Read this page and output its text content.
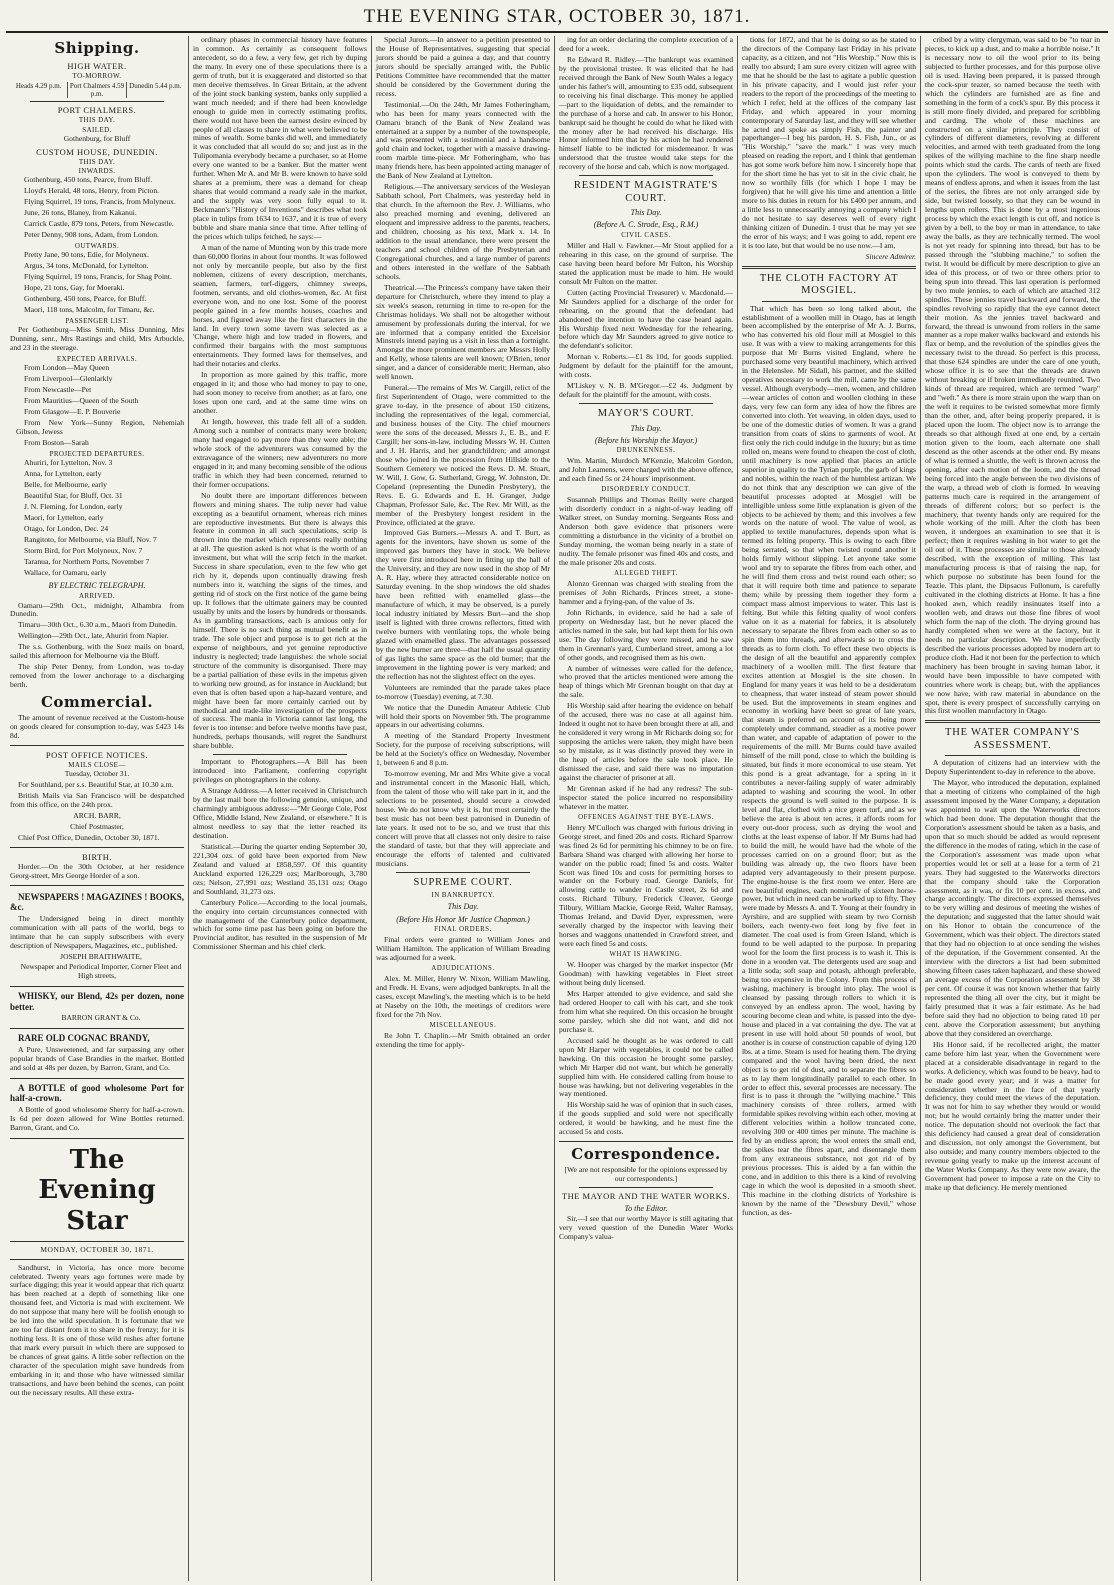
THE EVENING STAR, OCTOBER 30, 1871.
Shipping.
HIGH WATER.
TO-MORROW.
Heads 4.29 p.m.	Port Chalmers 4.59 p.m.
Dunedin 5.44 p.m.
PORT CHALMERS.
THIS DAY.
SAILED.

Gothenburg, for Bluff

CUSTOM HOUSE, DUNEDIN.
THIS DAY.
INWARDS.

Gothenburg, 450 tons, Pearce, from Bluff.

Lloyd's Herald, 48 tons, Henry, from Picton.

Flying Squirrel, 19 tons, Francis, from Molyneux.

June, 26 tons, Blaney, from Kakanui.

Carrick Castle, 879 tons, Peters, from Newcastle.

Peter Denny, 908 tons, Adam, from London.

OUTWARDS.

Pretty Jane, 90 tons, Edie, for Molyneux.

Argus, 34 tons, McDonald, for Lyttelton.

Flying Squirrel, 19 tons, Francis, for Shag Point.

Hope, 21 tons, Gay, for Moeraki.

Gothenburg, 450 tons, Pearce, for Bluff.

Maori, 118 tons, Malcolm, for Timaru, &c.

PASSENGER LIST.

Per Gothenburg—Miss Smith, Miss Dunning, Mrs Dunning, senr., Mrs Rastings and child, Mrs Arbuckle, and 23 in the steerage.

EXPECTED ARRIVALS.

From London—May Queen

From Liverpool—Glenlarkly

From Newcastle—Pet

From Mauritius—Queen of the South

From Glasgow—E. P. Bouverie

From New York—Sunny Region, Nehemiah Gibson, Jewess

From Boston—Sarah

PROJECTED DEPARTURES.

Ahuriri, for Lyttelton, Nov. 3

Anna, for Lyttelton, early

Belle, for Melbourne, early

Beautiful Star, for Bluff, Oct. 31

J. N. Fleming, for London, early

Maori, for Lyttelton, early

Otago, for London, Dec. 24

Rangitoto, for Melbourne, via Bluff, Nov. 7

Storm Bird, for Port Molyneux, Nov. 7

Taranua, for Northern Ports, November 7

Wallace, for Oamaru, early

BY ELECTRIC TELEGRAPH.
ARRIVED.

Oamaru—29th Oct., midnight, Alhambra from Dunedin.

Timaru—30th Oct., 6.30 a.m., Maori from Dunedin.

Wellington—29th Oct., late, Ahuriri from Napier.

The s.s. Gothenburg, with the Suez mails on board, sailed this afternoon for Melbourne via the Bluff.

The ship Peter Denny, from London, was to-day removed from the lower anchorage to a discharging berth.

Commercial.

The amount of revenue received at the Custom-house on goods cleared for consumption to-day, was £423 14s 8d.

POST OFFICE NOTICES.
MAILS CLOSE—

Tuesday, October 31.

For Southland, per s.s. Beautiful Star, at 10.30 a.m.

British Mails via San Francisco will be despatched from this office, on the 24th prox.

ARCH. BARR,

Chief Postmaster,

Chief Post Office, Dunedin, October 30, 1871.

BIRTH.

Horder.—On the 30th October, at her residence Georg-street, Mrs George Horder of a son.

NEWSPAPERS ! MAGAZINES ! BOOKS, &c.

The Undersigned being in direct monthly communication with all parts of the world, begs to intimate that he can supply subscribers with every description of Newspapers, Magazines, etc., published.

JOSEPH BRAITHWAITE,

Newspaper and Periodical Importer, Corner Fleet and High streets,

WHISKY, our Blend, 42s per dozen, none better.

BARRON GRANT & Co.

RARE OLD COGNAC BRANDY,

A Pure, Unsweetened, and far surpassing any other popular brands of Case Brandies in the market. Bottled and sold at 48s per dozen, by Barron, Grant, and Co.

A BOTTLE of good wholesome Port for half-a-crown.

A Bottle of good wholesome Sherry for half-a-crown. Is 6d per dozen allowed for Wine Bottles returned. Barron, Grant, and Co.

The Evening Star
MONDAY, OCTOBER 30, 1871.

Sandhurst, in Victoria, has once more become celebrated. Twenty years ago fortunes were made by surface digging; this year it would appear that rich quartz has been reached at a depth of something like one thousand feet, and Victoria is mad with excitement. We do not suppose that many here will be foolish enough to be led into the wild speculation. It is fortunate that we are too far distant from it to share in the frenzy; for it is nothing less. It is one of those wild rushes after fortune that mark every pursuit in which there are supposed to be chances of great gains. A little sober reflection on the character of the speculation might save hundreds from embarking in it; and those who have witnessed similar transactions, and have been behind the scenes, can point out the necessary results. All these extra-

ordinary phases in commercial history have features in common. As certainly as consequent follows antecedent, so do a few, a very few, get rich by duping the many. In every one of these speculations there is a germ of truth, but it is exaggerated and distorted so that men deceive themselves. In Great Britain, at the advent of the joint stock banking system, banks only supplied a want much needed; and if there had been knowledge enough to guide men in correctly estimating profits, there would not have been the earnest desire evinced by people of all classes to share in what were believed to be mines of wealth. Some banks did well, and immediately it was concluded that all would do so; and just as in the Tulipomania everybody became a purchaser, so at Home every one wanted to be a banker. But the matter went further. When Mr A. and Mr B. were known to have sold shares at a premium, there was a demand for cheap shares that would command a ready sale in the market, and the supply was very soon fully equal to it. Beckmann's "History of Inventions" describes what took place in tulips from 1634 to 1637, and it is true of every bubble and share mania since that time. After telling of the prices which tulips fetched, he says:—

A man of the name of Munting won by this trade more than 60,000 florins in about four months. It was followed not only by mercantile people, but also by the first noblemen, citizens of every description, merchants, seamen, farmers, turf-diggers, chimney sweeps, footmen, servants, and old clothes-women, &c. At first everyone won, and no one lost. Some of the poorest people gained in a few months houses, coaches and horses, and figured away like the first characters in the land. In every town some tavern was selected as a 'Change, where high and low traded in flowers, and confirmed their bargains with the most sumptuous entertainments. They formed laws for themselves, and had their notaries and clerks.

In proportion as more gained by this traffic, more engaged in it; and those who had money to pay to one, had soon money to receive from another; as at faro, one loses upon one card, and at the same time wins on another.

At length, however, this trade fell all of a sudden. Among such a number of contracts many were broken; many had engaged to pay more than they were able; the whole stock of the adventurers was consumed by the extravagance of the winners; new adventurers no more engaged in it; and many becoming sensible of the odious traffic in which they had been concerned, returned to their former occupations.

No doubt there are important differences between flowers and mining shares. The tulip never had value excepting as a beautiful ornament, whereas rich mines are reproductive investments. But there is always this feature in common in all such speculations, scrip is thrown into the market which represents really nothing at all. The question asked is not what is the worth of an investment, but what will the scrip fetch in the market. Success in share speculation, even to the few who get rich by it, depends upon continually drawing fresh numbers into it, watching the signs of the times, and getting rid of stock on the first notice of the game being up. It follows that the ultimate gainers may be counted usually by units and the losers by hundreds or thousands. As in gambling transactions, each is anxious only for himself. There is no such thing as mutual benefit as in trade. The sole object and purpose is to get rich at the expense of neighbours, and yet genuine reproductive industry is neglected; trade languishes: the whole social structure of the community is disorganised. There may be a partial palliation of these evils in the impetus given to working new ground, as for instance in Auckland; but even that is often based upon a hap-hazard venture, and might have been far more certainly carried out by methodical and trade-like investigation of the prospects of success. The mania in Victoria cannot last long, the fever is too intense: and before twelve months have past, hundreds, perhaps thousands, will regret the Sandhurst share bubble.

Important to Photographers.—A Bill has been introduced into Parliament, conferring copyright privileges on photographers in the colony.

A Strange Address.—A letter received in Christchurch by the last mail bore the following genuine, unique, and charmingly ambiguous address:—"Mr George Cole, Post Office, Middle Island, New Zealand, or elsewhere." It is almost needless to say that the letter reached its destination.

Statistical.—During the quarter ending September 30, 221,304 ozs. of gold have been exported from New Zealand and valued at £858,597. Of this quantity Auckland exported 126,229 ozs; Marlborough, 3,780 ozs; Nelson, 27,991 ozs; Westland 35,131 ozs; Otago and Southland, 31,273 ozs.

Canterbury Police.—According to the local journals, the enquiry into certain circumstances connected with the management of the Canterbury police department, which for some time past has been going on before the Provincial auditor, has resulted in the suspension of Mr Commissioner Sherman and his chief clerk.

Special Jurors.—In answer to a petition presented to the House of Representatives, suggesting that special jurors should be paid a guinea a day, and that country jurors should be specially arranged with, the Public Petitions Committee have recommended that the matter should be considered by the Government during the recess.

Testimonial.—On the 24th, Mr James Fotheringham, who has been for many years connected with the Oamaru branch of the Bank of New Zealand was entertained at a supper by a number of the townspeople, and was presented with a testimonial and a handsome gold chain and locket, together with a massive drawing-room marble time-piece. Mr Fotheringham, who has many friends here, has been appointed acting manager of the Bank of New Zealand at Lyttelton.

Religious.—The anniversary services of the Wesleyan Sabbath school, Port Chalmers, was yesterday held in that church. In the afternoon the Rev. J. Williams, who also preached morning and evening, delivered an eloquent and impressive address to the parents, teachers, and children, choosing as his text, Mark x. 14. In addition to the usual attendance, there were present the teachers and school children of the Presbyterian and Congregational churches, and a large number of parents and others interested in the welfare of the Sabbath schools.

Theatrical.—The Princess's company have taken their departure for Christchurch, where they intend to play a six week's season, returning in time to re-open for the Christmas holidays. We shall not be altogether without amusement by professionals during the interval, for we are informed that a company entitled the Excelsior Minstrels intend paying us a visit in less than a fortnight. Amongst the more prominent members are Messrs Holly and Kelly, whose talents are well known; O'Brien, tenor singer, and a dancer of considerable merit; Herman, also well known.

Funeral.—The remains of Mrs W. Cargill, relict of the first Superintendent of Otago, were committed to the grave to-day, in the presence of about 150 citizens, including the representatives of the legal, commercial, and business houses of the City. The chief mourners were the sons of the deceased, Messrs J., E. B., and F. Cargill; her sons-in-law, including Messrs W. H. Cutten and J. H. Harris, and her grandchildren; and amongst those who joined in the procession from Hillside to the Southern Cemetery we noticed the Revs. D. M. Stuart, W. Will, J. Gow, G. Sutherland, Gregg, W. Johnston, Dr. Copeland (representing the Dunedin Presbytery), the Revs. E. G. Edwards and E. H. Granger, Judge Chapman, Professor Sale, &c. The Rev. Mr Will, as the member of the Presbytery longest resident in the Province, officiated at the grave.

Improved Gas Burners.—Messrs A. and T. Burt, as agents for the inventors, have shown us some of the improved gas burners they have in stock. We believe they were first introduced here in fitting up the hall of the University, and they are now used in the shop of Mr A. R. Hay, where they attracted considerable notice on Saturday evening. In the shop windows the old shades have been refitted with enamelled glass—the manufacture of which, it may be observed, is a purely local industry initiated by Messrs Burt—and the shop itself is lighted with three crowns reflectors, fitted with twelve burners with ventilating tops, the whole being glazed with enamelled glass. The advantages possessed by the new burner are three—that half the usual quantity of gas lights the same space as the old burner; that the improvement in the lighting power is very marked; and the reflection has not the slightest effect on the eyes.

Volunteers are reminded that the parade takes place to-morrow (Tuesday) evening, at 7.30.

We notice that the Dunedin Amateur Athletic Club will hold their sports on November 9th. The programme appears in our advertising columns.

A meeting of the Standard Property Investment Society, for the purpose of receiving subscriptions, will be held at the Society's office on Wednesday, November 1, between 6 and 8 p.m.

To-morrow evening, Mr and Mrs White give a vocal and instrumental concert in the Masonic Hall, which, from the talent of those who will take part in it, and the selections to be presented, should secure a crowded house. We do not know why it is, but most certainly the best music has not been best patronised in Dunedin of late years. It used not to be so, and we trust that this concert will prove that all classes not only desire to raise the standard of taste, but that they will appreciate and encourage the efforts of talented and cultivated musicians.

SUPREME COURT.
IN BANKRUPTCY.
This Day.
(Before His Honor Mr Justice Chapman.)
FINAL ORDERS.

Final orders were granted to William Jones and William Hamilton. The application of William Breading was adjourned for a week.

ADJUDICATIONS.

Alex. M. Miller, Henry W. Nixon, William Mawling, and Fredk. H. Evans, were adjudged bankrupts. In all the cases, except Mawling's, the meeting which is to be held at Naseby on the 10th, the meetings of creditors were fixed for the 7th Nov.

MISCELLANEOUS.

Re John T. Chaplin.—Mr Smith obtained an order extending the time for apply-

ing for an order declaring the complete execution of a deed for a week.

Re Edward R. Ridley.—The bankrupt was examined by the provisional trustee. It was elicited that he had received through the Bank of New South Wales a legacy under his father's will, amounting to £35 odd, subsequent to receiving his final discharge. This money he applied—part to the liquidation of debts, and the remainder to the purchase of a horse and cab. In answer to his Honor, bankrupt said he thought he could do what he liked with the money after he had received his discharge. His Honor informed him that by his action he had rendered himself liable to be indicted for misdemeanor. It was understood that the trustee would take steps for the recovery of the horse and cab, which is now mortgaged.

RESIDENT MAGISTRATE'S COURT.
This Day.
(Before A. C. Strode, Esq., R.M.)
CIVIL CASES.

Miller and Hall v. Fawkner.—Mr Stout applied for a rehearing in this case, on the ground of surprise. The case having been heard before Mr Fulton, his Worship stated the application must be made to him. He would consult Mr Fulton on the matter.

Cutten (acting Provincial Treasurer) v. Macdonald.—Mr Saunders applied for a discharge of the order for rehearing, on the ground that the defendant had abandoned the intention to have the case heard again. His Worship fixed next Wednesday for the rehearing, before which day Mr Saunders agreed to give notice to the defendant's solicitor.

Mornan v. Roberts.—£1 8s 10d, for goods supplied. Judgment by default for the plaintiff for the amount, with costs.

M'Liskey v. N. B. M'Gregor.—£2 4s. Judgment by default for the plaintiff for the amount, with costs.

MAYOR'S COURT.
This Day.
(Before his Worship the Mayor.)
DRUNKENNESS.

Wm. Martin, Murdoch M'Kenzie, Malcolm Gordon, and John Leamens, were charged with the above offence, and each fined 5s or 24 hours' imprisonment.

DISORDERLY CONDUCT.

Susannah Phillips and Thomas Reilly were charged with disorderly conduct in a night-of-way leading off Walker street, on Sunday morning. Sergeants Ross and Anderson both gave evidence that prisoners were committing a disturbance in the vicinity of a brothel on Sunday morning, the woman being nearly in a state of nudity. The female prisoner was fined 40s and costs, and the male prisoner 20s and costs.

ALLEGED THEFT.

Alonzo Grennan was charged with stealing from the premises of John Richards, Princes street, a stone-hammer and a frying-pan, of the value of 3s.

John Richards, in evidence, said he had a sale of property on Wednesday last, but he never placed the articles named in the sale, but had kept them for his own use. The day following they were missed, and he saw them in Grennan's yard, Cumberland street, among a lot of other goods, and recognised them as his own.

A number of witnesses were called for the defence, who proved that the articles mentioned were among the heap of things which Mr Grennan bought on that day at the sale.

His Worship said after hearing the evidence on behalf of the accused, there was no case at all against him. Indeed it ought not to have been brought there at all, and he considered it very wrong in Mr Richards doing so; for supposing the articles were taken, they might have been so by mistake, as it was distinctly proved they were in the heap of articles before the sale took place. He dismissed the case, and said there was no imputation against the character of prisoner at all.

Mr Grennan asked if he had any redress? The sub-inspector stated the police incurred no responsibility whatever in the matter.

OFFENCES AGAINST THE BYE-LAWS.

Henry M'Culloch was charged with furious driving in George street, and fined 20s and costs. Richard Sparrow was fined 2s 6d for permitting his chimney to be on fire. Barbara Shand was charged with allowing her horse to wander on the public road; fined 5s and costs. Walter Scott was fined 10s and costs for permitting horses to wander on the Forbury road. George Daniels, for allowing cattle to wander in Castle street, 2s 6d and costs. Richard Tilbury, Frederick Cleaver, George Tilbury, William Mackie, George Reid, Walter Ramsay, Thomas Ireland, and David Dyer, expressmen, were severally charged by the inspector with leaving their horses and waggons unattended in Crawford street, and were each fined 5s and costs.

WHAT IS HAWKING.

W. Hooper was charged by the market inspector (Mr Goodman) with hawking vegetables in Fleet street without being duly licensed.

Mrs Harper attended to give evidence, and said she had ordered Hooper to call with his cart, and she took from him what she required. On this occasion he brought some parsley, which she did not want, and did not purchase it.

Accused said he thought as he was ordered to call upon Mr Harper with vegetables, it could not be called hawking. On this occasion he brought some parsley, which Mr Harper did not want, but which he generally supplied him with. He considered calling from house to house was hawking, but not delivering vegetables in the way mentioned.

His Worship said he was of opinion that in such cases, if the goods supplied and sold were not specifically ordered, it would be hawking, and he must fine the accused 5s and costs.

Correspondence.

[We are not responsible for the opinions expressed by our correspondents.]

THE MAYOR AND THE WATER WORKS.
To the Editor.

Sir,—I see that our worthy Mayor is still agitating that very vexed question of the Dunedin Water Works Company's valua-

tions for 1872, and that he is doing so as he stated to the directors of the Company last Friday in his private capacity, as a citizen, and not "His Worship." Now this is really too absurd; I am sure every citizen will agree with me that he should be the last to agitate a public question in his private capacity, and I would just refer your readers to the report of the proceedings of the meeting to which I refer, held at the offices of the company last Friday, and which appeared in your morning contemporary of Saturday last, and they will see whether he acted and spoke as simply Fish, the painter and paperhanger—I beg his pardon, H. S. Fish, Jun., or as "His Worship," "save the mark." I was very much pleased on reading the report, and I think that gentleman has got some work before him now. I sincerely hope that for the short time he has yet to sit in the civic chair, he now so worthily fills (for which I hope I may be forgiven) that he will give his time and attention a little more to his duties in return for his £400 per annum, and a little less to unnecessarily annoying a company which I do not hesitate to say deserves well of every right thinking citizen of Dunedin. I trust that he may yet see the error of his ways; and I was going to add, repent ere it is too late, but that would be no use now.—I am,

Sincere Admirer.

THE CLOTH FACTORY AT MOSGIEL.

That which has been so long talked about, the establishment of a woollen mill in Otago, has at length been accomplished by the enterprise of Mr A. J. Burns, who has converted his old flour mill at Mosgiel to this use. It was with a view to making arrangements for this purpose that Mr Burns visited England, where he purchased some very beautiful machinery, which arrived in the Helenslee. Mr Sidall, his partner, and the skilled operatives necessary to work the mill, came by the same vessel. Although everybody—men, women, and children—wear articles of cotton and woollen clothing in these days, very few can form any idea of how the fibres are converted into cloth. Yet weaving, in olden days, used to be one of the domestic duties of women. It was a grand transition from coats of skins to garments of wool. At first only the rich could indulge in the luxury; but as time rolled on, means were found to cheapen the cost of cloth, until machinery is now applied that places an article superior in quality to the Tyrian purple, the garb of kings and nobles, within the reach of the humblest artizan. We do not think that any description we can give of the beautiful processes adopted at Mosgiel will be intelligible unless some little explanation is given of the objects to be achieved by them; and this involves a few words on the nature of wool. The value of wool, as applied to textile manufactures, depends upon what is termed its felting property. This is owing to each fibre being serrated, so that when twisted round another it holds firmly without slipping. Let anyone take some wool and try to separate the fibres from each other, and he will find them cross and twist round each other; so that it will require both time and patience to separate them; while by pressing them together they form a compact mass almost impervious to water. This last is felting. But while this felting quality of wool confers value on it as a material for fabrics, it is absolutely necessary to separate the fibres from each other so as to spin them into threads, and afterwards so to cross the threads as to form cloth. To effect these two objects is the design of all the beautiful and apparently complex machinery of a woollen mill. The first feature that excites attention at Mosgiel is the site chosen. In England for many years it was held to be a desideratum to cheapness, that water instead of steam power should be used. But the improvements in steam engines and economy in working have been so great of late years, that steam is preferred on account of its being more completely under command, steadier as a motive power than water, and capable of adaptation of power to the requirements of the mill. Mr Burns could have availed himself of the mill pond, close to which the building is situated, but finds it more economical to use steam. Yet this pond is a great advantage, for a spring in it contributes a never-failing supply of water admirably adapted to washing and scouring the wool. In other respects the ground is well suited to the purpose. It is level and flat, clothed with a nice green turf, and as we believe the area is about ten acres, it affords room for every out-door process, such as drying the wool and cloths at the least expense of labor. If Mr Burns had had to build the mill, he would have had the whole of the processes carried on on a ground floor; but as the building was already up, the two floors have been adapted very advantageously to their present purpose. The engine-house is the first room we enter. Here are two beautiful engines, each nominally of sixteen horse-power, but which in need can be worked up to fifty. They were made by Messrs A. and T. Young at their foundry in Ayrshire, and are supplied with steam by two Cornish boilers, each twenty-two feet long by five feet in diameter. The coal used is from Green Island, which is found to be well adapted to the purpose. In preparing wool for the loom the first process is to wash it. This is done in a wooden vat. The detergents used are soap and a little soda; soft soap and potash, although preferable, being too expensive in the Colony. From this process of washing, machinery is brought into play. The wool is cleansed by passing through rollers to which it is conveyed by an endless apron. The wool, having by scouring become clean and white, is passed into the dye-house and placed in a vat containing the dye. The vat at present in use will hold about 50 pounds of wool, but another is in course of construction capable of dying 120 lbs. at a time. Steam is used for heating them. The drying compared and the wool having been dried, the next object is to get rid of dust, and to separate the fibres so as to lay them longitudinally parallel to each other. In order to effect this, several processes are necessary. The first is to pass it through the "willying machine." This machinery consists of three rollers, armed with formidable spikes revolving within each other, moving at different velocities within a hollow truncated cone, revolving 300 or 400 times per minute. The machine is fed by an endless apron; the wool enters the small end, the spikes tear the fibres apart, and disentangle them from any extraneous substance, not got rid of by previous processes. This is aided by a fan within the cone, and in addition to this there is a kind of revolving cage in which the wool is deposited in a smooth sheet. This machine in the clothing districts of Yorkshire is known by the name of the "Dewsbury Devil," whose function, as des-

cribed by a witty clergyman, was said to be "to tear in pieces, to kick up a dust, and to make a horrible noise." It is necessary now to oil the wool prior to its being subjected to further processes, and for this purpose olive oil is used. Having been prepared, it is passed through the cock-spur teazer, so named because the teeth with which the cylinders are furnished are as fine and something in the form of a cock's spur. By this process it is still more finely divided, and prepared for scribbling and carding. The whole of these machines are constructed on a similar principle. They consist of cylinders of different diameters, revolving at different velocities, and armed with teeth graduated from the long spikes of the willying machine to the fine sharp needle points which stud the cards. The cards of teeth are fixed upon the cylinders. The wool is conveyed to them by means of endless aprons, and when it issues from the last of the series, the fibres are not only arranged side by side, but twisted loosely, so that they can be wound in lengths upon rollers. This is done by a most ingenious process by which the exact length is cut off, and notice is given by a bell, to the boy or man in attendance, to take away the balls, as they are technically termed. The wool is not yet ready for spinning into thread, but has to be passed through the "slubbing machine," to soften the twist. It would be difficult by mere description to give an idea of this process, or of two or three others prior to being spun into thread. This last operation is performed by two mule jennies, to each of which are attached 312 spindles. These jennies travel backward and forward, the spindles revolving so rapidly that the eye cannot detect their motion. As the jennies travel backward and forward, the thread is unwound from rollers in the same manner as a rope maker walks backward and extends his flax or hemp, and the revolution of the spindles gives the necessary twist to the thread. So perfect is this process, that those 624 spindles are under the care of one youth, whose office it is to see that the threads are drawn without breaking or if broken immediately reunited. Two kinds of thread are required, which are termed "warp" and "weft." As there is more strain upon the warp than on the weft it requires to be twisted somewhat more firmly than the other, and, after being properly prepared, it is placed upon the loom. The object now is to arrange the threads so that although fixed at one end, by a certain motion given to the loom, each alternate one shall descend as the other ascends at the other end. By means of what is termed a shuttle, the weft is thrown across the opening, after each motion of the loom, and the thread being forced into the angle between the two divisions of the warp, a thread web of cloth is formed. In weaving patterns much care is required in the arrangement of threads of different colors; but so perfect is the machinery, that twenty hands only are required for the whole working of the mill. After the cloth has been woven, it undergoes an examination to see that it is perfect; then it requires washing in hot water to get the oil out of it. These processes are similar to those already described, with the exception of milling. This last manufacturing process is that of raising the nap, for which purpose no substitute has been found for the Teazle. This plant, the Dipsacus Fullonum, is carefully cultivated in the clothing districts at Home. It has a fine hooked awn, which readily insinuates itself into a woollen web, and draws out those fine fibres of wool which form the nap of the cloth. The drying ground has hardly completed when we were at the factory, but it needs no particular description. We have imperfectly described the various processes adopted by modern art to produce cloth. Had it not been for the perfection to which machinery has been brought in saving human labor, it would have been impossible to have competed with countries where work is cheap; but, with the appliances we now have, with raw material in abundance on the spot, there is every prospect of successfully carrying on this first woollen manufactory in Otago.

THE WATER COMPANY'S ASSESSMENT.

A deputation of citizens had an interview with the Deputy Superintendent to-day in reference to the above.

The Mayor, who introduced the deputation, explained that a meeting of citizens who complained of the high assessment imposed by the Water Company, a deputation was appointed to wait upon the Waterworks directors which had been done. The deputation thought that the Corporation's assessment should be taken as a basis, and upon that so much should be added as would represent the difference in the modes of rating, which in the case of the Corporation's assessment was made upon what properties would let or sell at a lease for a term of 21 years. They had suggested to the Waterworks directors that the company should take the Corporation assessment, as it was, or fix 10 per cent. in excess, and charge accordingly. The directors expressed themselves to be very willing and desirous of meeting the wishes of the deputation; and suggested that the latter should wait on his Honor to obtain the concurrence of the Government, which was their object. The directors stated that they had no objection to at once sending the wishes of the deputation, if the Government consented. At the interview with the directors a list had been submitted showing fifteen cases taken haphazard, and these showed an average excess of the Corporation assessment by 38 per cent. Of course it was not known whether that fairly represented the thing all over the city, but it might be fairly presumed that it was a fair estimate. As he had before said they had no objection to being rated 10 per cent. above the Corporation assessment; but anything above that they considered an overcharge.

His Honor said, if he recollected aright, the matter came before him last year, when the Government were placed at a considerable disadvantage in regard to the works. A deficiency, which was found to be heavy, had to be made good every year; and it was a matter for consideration whether in the face of that yearly deficiency, they could meet the views of the deputation. It was not for him to say whether they would or would not; but he would certainly bring the matter under their notice. The deputation should not overlook the fact that this deficiency had caused a great deal of consideration and discussion, not only amongst the Government, but also outside; and many country members objected to the revenue going yearly to make up the interest account of the Water Works Company. As they were now aware, the Government had power to impose a rate on the City to make up that deficiency. He merely mentioned
